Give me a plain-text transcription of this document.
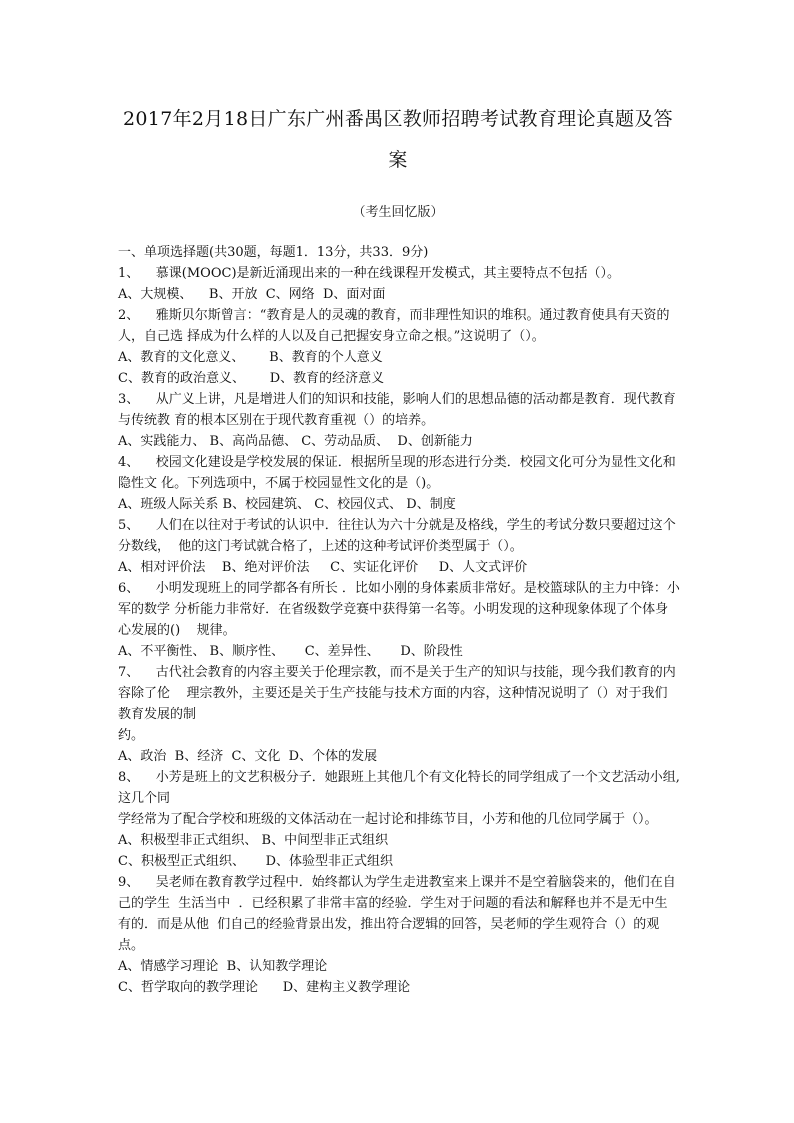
2017年2月18日广东广州番禺区教师招聘考试教育理论真题及答案

（考生回忆版）

一、单项选择题(共30题，每题1．13分，共33．9分)

1、    慕课(MOOC)是新近涌现出来的一种在线课程开发模式，其主要特点不包括（）。

A、大规模、    B、开放  C、网络  D、面对面

2、    雅斯贝尔斯曾言：“教育是人的灵魂的教育，而非理性知识的堆积。通过教育使具有天资的人，自己选 择成为什么样的人以及自己把握安身立命之根。”这说明了（）。

A、教育的文化意义、      B、教育的个人意义

C、教育的政治意义、      D、教育的经济意义

3、    从广义上讲，凡是增进人们的知识和技能，影响人们的思想品德的活动都是教育．现代教育与传统教 育的根本区别在于现代教育重视（）的培养。

A、实践能力、 B、高尚品德、 C、劳动品质、  D、创新能力

4、    校园文化建设是学校发展的保证．根据所呈现的形态进行分类．校园文化可分为显性文化和隐性文 化。下列选项中，不属于校园显性文化的是（)。

A、班级人际关系 B、校园建筑、 C、校园仪式、 D、制度

5、    人们在以往对于考试的认识中．往往认为六十分就是及格线，学生的考试分数只要超过这个分数线，  他的这门考试就合格了，上述的这种考试评价类型属于（）。

A、相对评价法    B、绝对评价法     C、实证化评价     D、人文式评价

6、    小明发现班上的同学都各有所长 ．比如小刚的身体素质非常好。是校篮球队的主力中锋：小军的数学 分析能力非常好．在省级数学竞赛中获得第一名等。小明发现的这种现象体现了个体身心发展的()    规律。

A、不平衡性、 B、顺序性、     C、差异性、     D、阶段性

7、    古代社会教育的内容主要关于伦理宗教，而不是关于生产的知识与技能，现今我们教育的内容除了伦    理宗教外，主要还是关于生产技能与技术方面的内容，这种情况说明了（）对于我们教育发展的制
约。

A、政治  B、经济  C、文化  D、个体的发展

8、    小芳是班上的文艺积极分子．她跟班上其他几个有文化特长的同学组成了一个文艺活动小组,这几个同
学经常为了配合学校和班级的文体活动在一起讨论和排练节目，小芳和他的几位同学属于（）。

A、积极型非正式组织、 B、中间型非正式组织

C、积极型正式组织、     D、体验型非正式组织

9、    吴老师在教育教学过程中．始终都认为学生走进教室来上课并不是空着脑袋来的，他们在自己的学生  生活当中  ．已经积累了非常丰富的经验．学生对于问题的看法和解释也并不是无中生有的．而是从他  们自己的经验背景出发，推出符合逻辑的回答，吴老师的学生观符合（）的观点。

A、情感学习理论  B、认知教学理论

C、哲学取向的教学理论      D、建构主义教学理论
